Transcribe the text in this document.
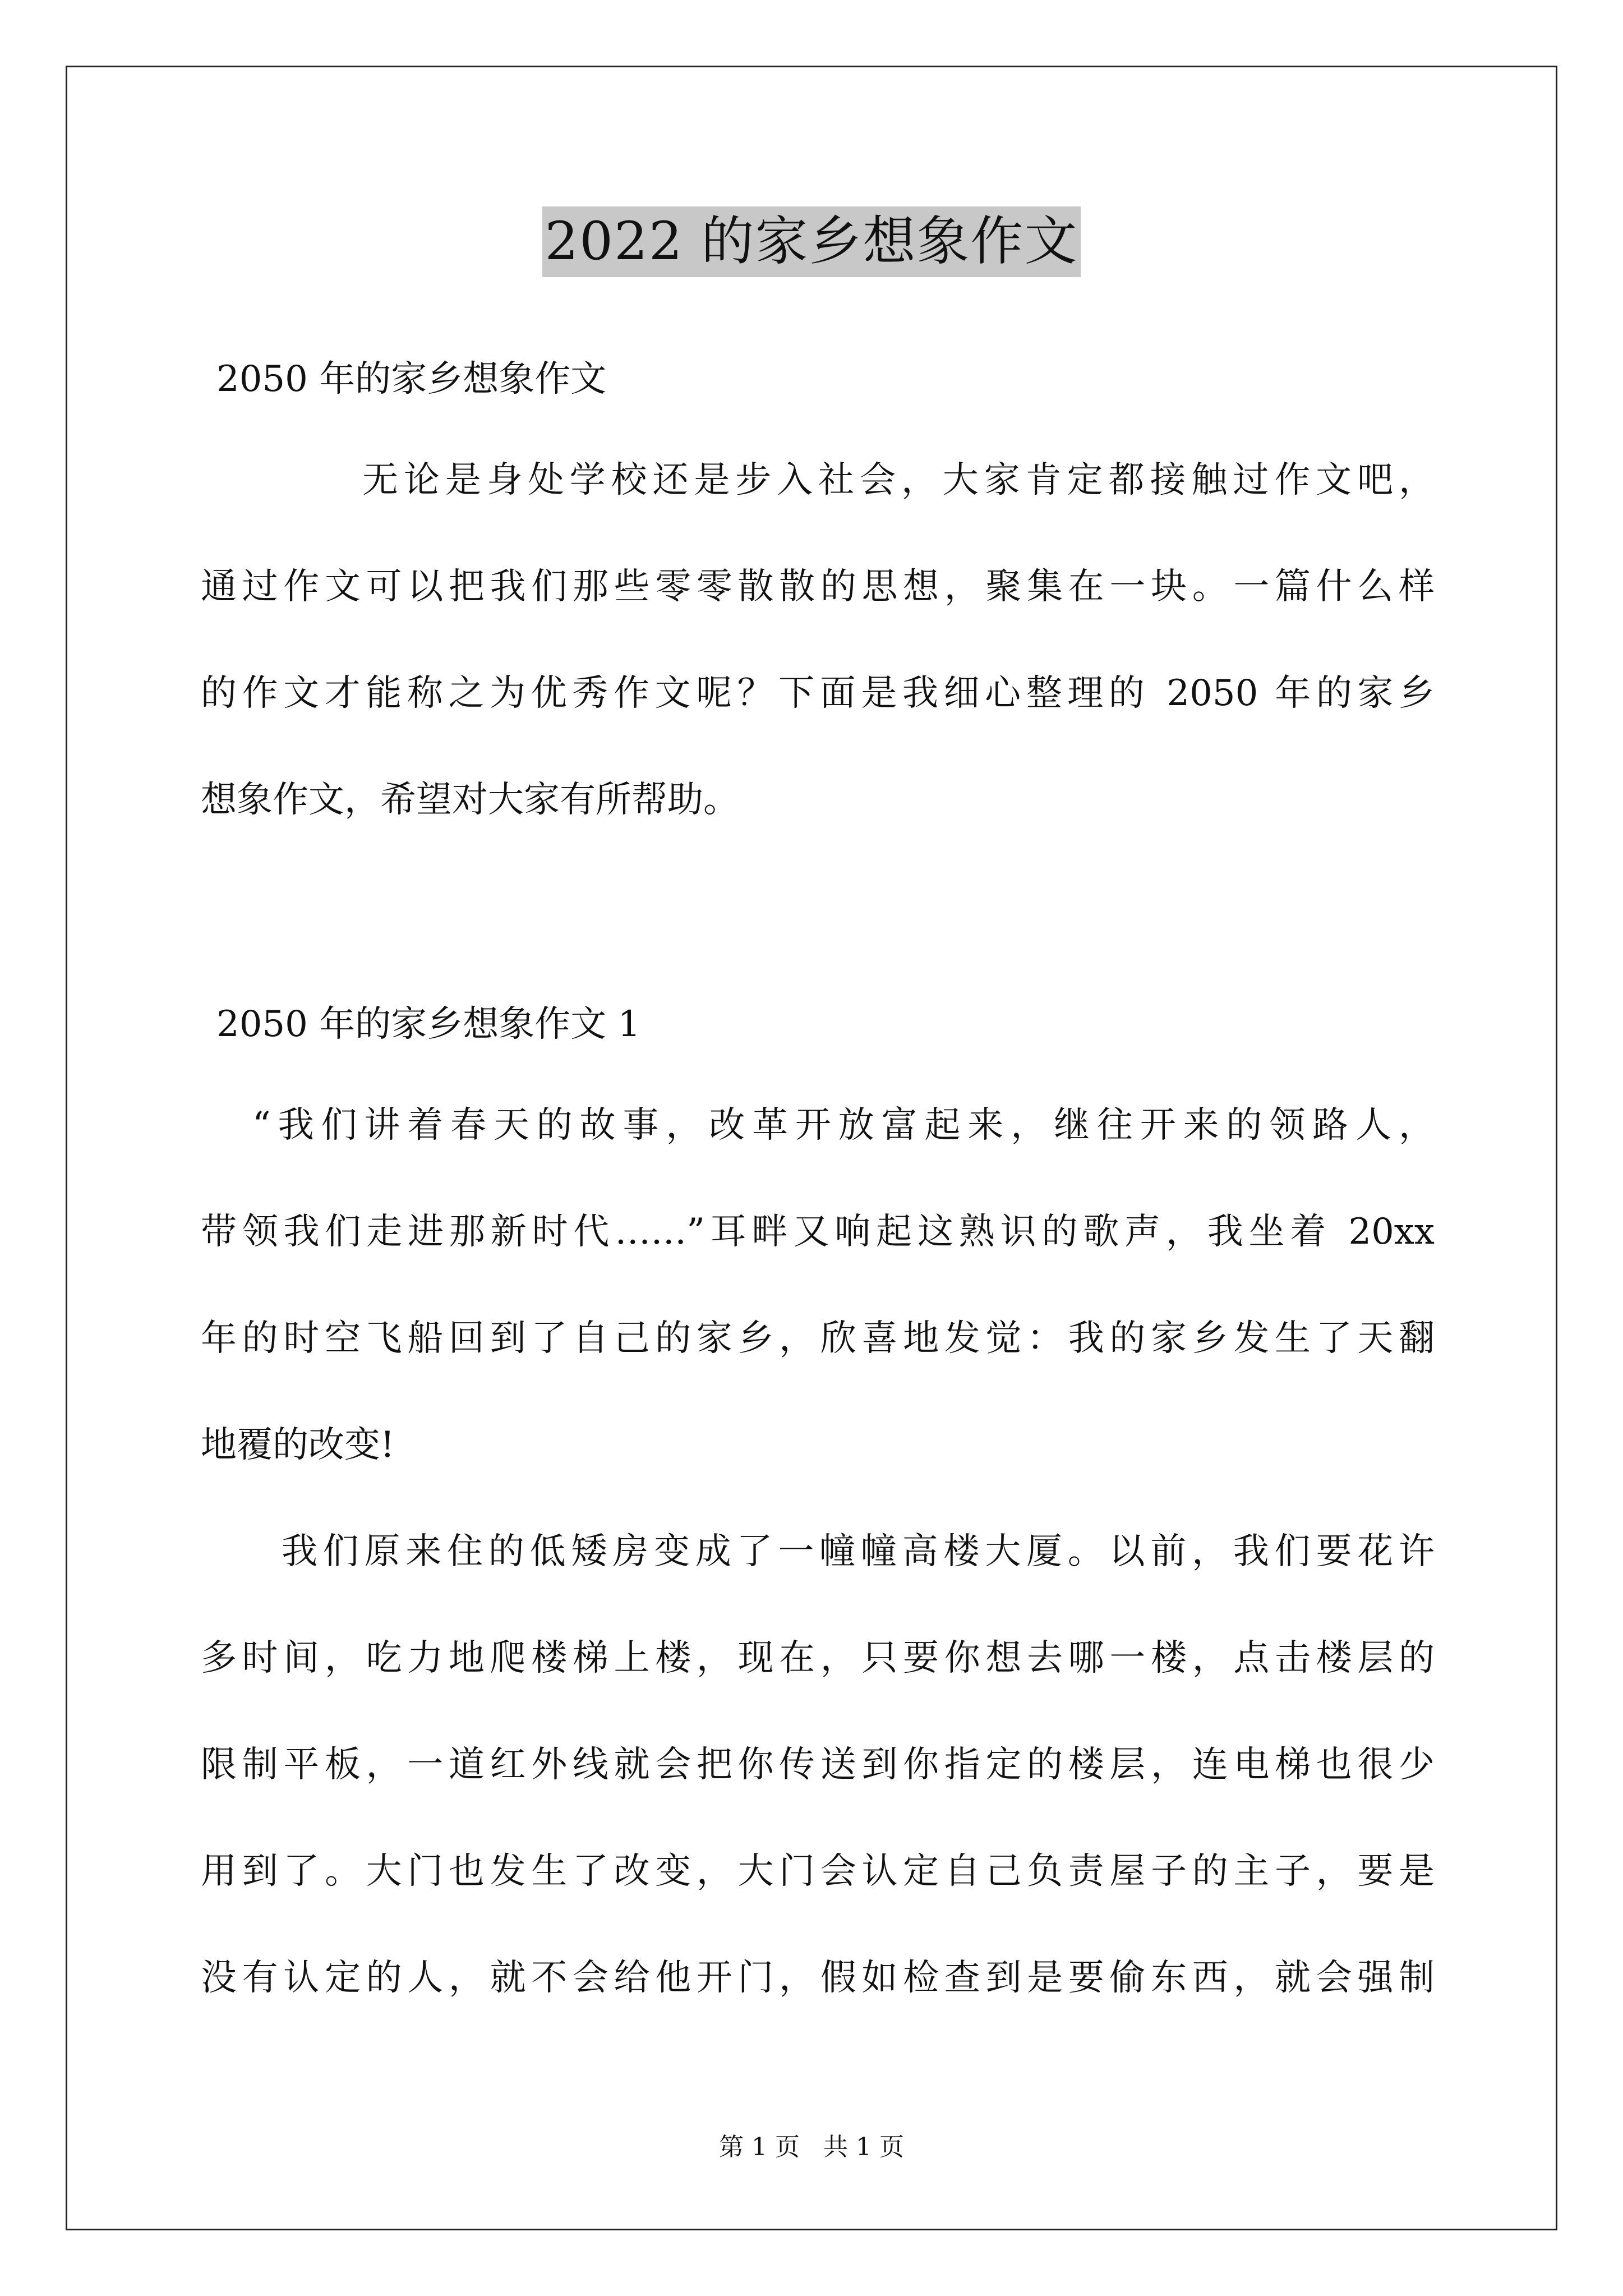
2022 的家乡想象作文
2050 年的家乡想象作文
无论是身处学校还是步入社会，大家肯定都接触过作文吧，
通过作文可以把我们那些零零散散的思想，聚集在一块。一篇什么样
的作文才能称之为优秀作文呢？下面是我细心整理的 2050 年的家乡
想象作文，希望对大家有所帮助。
2050 年的家乡想象作文 1
“我们讲着春天的故事，改革开放富起来，继往开来的领路人，
带领我们走进那新时代……”耳畔又响起这熟识的歌声，我坐着 20xx
年的时空飞船回到了自己的家乡，欣喜地发觉：我的家乡发生了天翻
地覆的改变!
我们原来住的低矮房变成了一幢幢高楼大厦。以前，我们要花许
多时间，吃力地爬楼梯上楼，现在，只要你想去哪一楼，点击楼层的
限制平板，一道红外线就会把你传送到你指定的楼层，连电梯也很少
用到了。大门也发生了改变，大门会认定自己负责屋子的主子，要是
没有认定的人，就不会给他开门，假如检查到是要偷东西，就会强制
第 1 页   共 1 页
